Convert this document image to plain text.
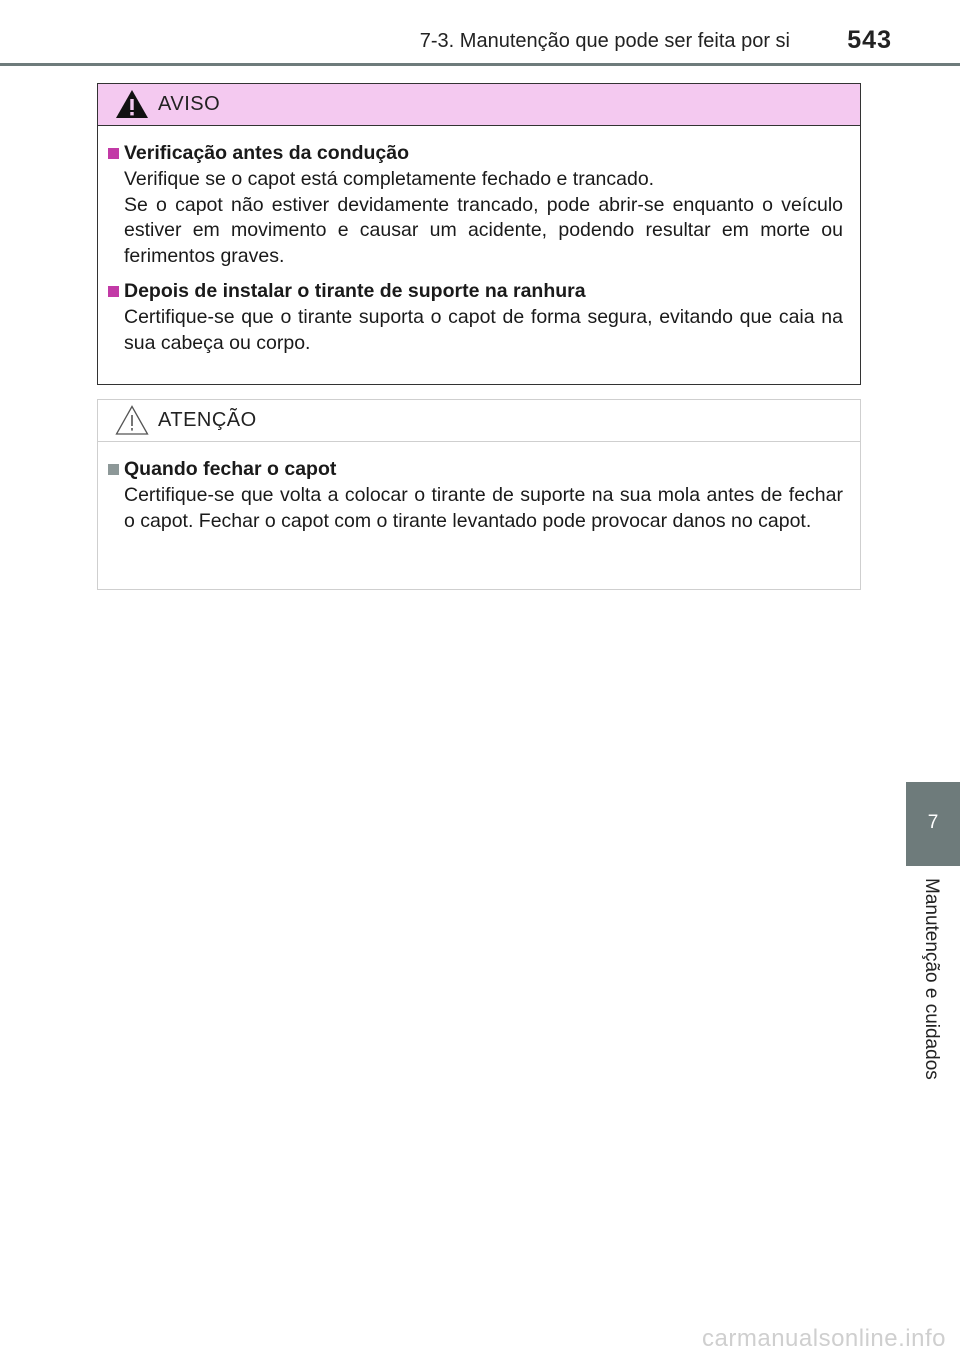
7-3. Manutenção que pode ser feita por si 543
AVISO
Verificação antes da condução

Verifique se o capot está completamente fechado e trancado.

Se o capot não estiver devidamente trancado, pode abrir-se enquanto o veículo estiver em movimento e causar um acidente, podendo resultar em morte ou ferimentos graves.

Depois de instalar o tirante de suporte na ranhura

Certifique-se que o tirante suporta o capot de forma segura, evitando que caia na sua cabeça ou corpo.

ATENÇÃO
Quando fechar o capot

Certifique-se que volta a colocar o tirante de suporte na sua mola antes de fechar o capot. Fechar o capot com o tirante levantado pode provocar danos no capot.

7
Manutenção e cuidados
carmanualsonline.info
